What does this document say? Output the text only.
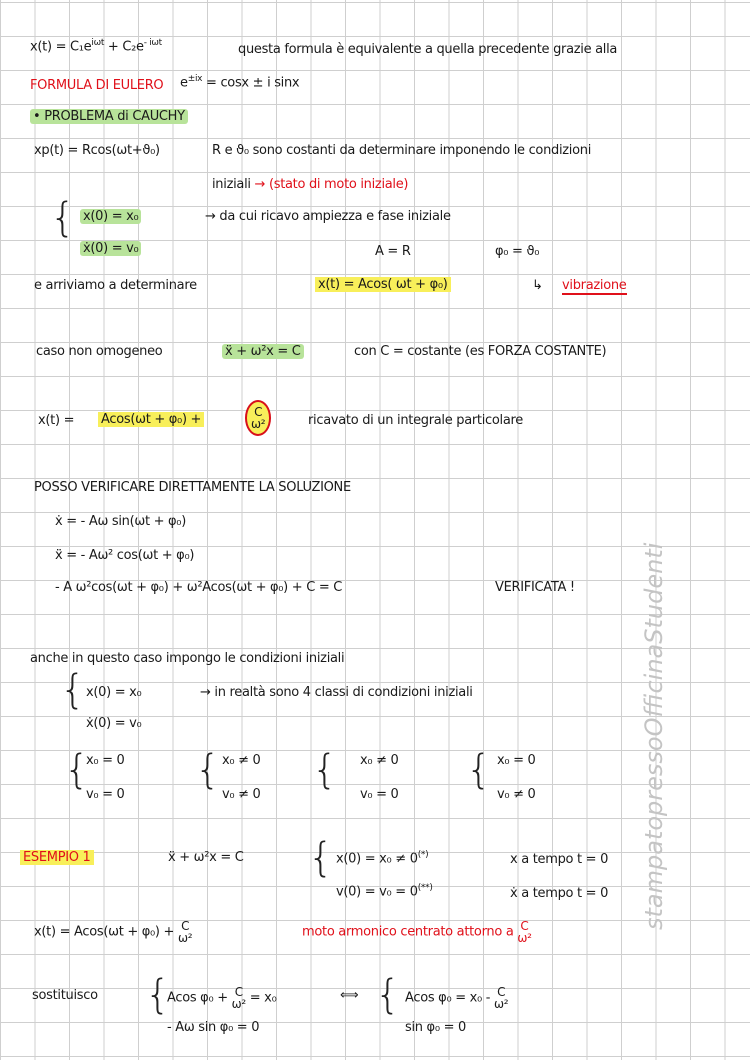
$x(t) = C_1e^{i\omega t} + C_2e^{- i\omega t}$	questa formula è equivalente a quella precedente grazie alla
FORMULA DI EULERO $e^{\pm ix} = \cos x \pm i$ sinx
• PROBLEMA di CAUCHY
xp(t) = Rcos(ωt+ϑ₀)	R e ϑ₀ sono costanti da determinare imponendo le condizioni
iniziali → (stato di moto iniziale)
{ x(0) = x₀
ẋ(0) = v₀
→ da cui ricavo ampiezza e fase iniziale
A = R	φ₀ = ϑ₀
e arriviamo a determinare	x(t) = Acos( ωt + φ₀)	↳ vibrazione
caso non omogeneo	ẍ + ω²x = C	con C = costante (es FORZA COSTANTE)
x(t) = Acos(ωt + φ₀) +	C
ω²	ricavato di un integrale particolare
POSSO VERIFICARE DIRETTAMENTE LA SOLUZIONE
ẋ = - Aω sin(ωt + φ₀)
ẍ = - Aω² cos(ωt + φ₀)
- A ω²cos(ωt + φ₀) + ω²Acos(ωt + φ₀) + C = C	VERIFICATA !
anche in questo caso impongo le condizioni iniziali
{ x(0) = x₀
ẋ(0) = v₀
→ in realtà sono 4 classi di condizioni iniziali
{
x₀ = 0
v₀ = 0
{ x₀ ≠ 0
v₀ ≠ 0
{ x₀ ≠ 0
v₀ = 0
{ x₀ = 0
v₀ ≠ 0
ESEMPIO 1	ẍ + ω²x = C { x(0) = x₀ ≠ 0(*)
v(0) = v₀ = 0(**)
x a tempo t = 0
ẋ a tempo t = 0
x(t) = Acos(ωt + φ₀) + C
ω²	moto armonico centrato attorno a C
ω²
sostituisco {
Acos φ₀ + C
ω² = x₀
- Aω sin φ₀ = 0
⟺ { Acos φ₀ = x₀ - C
ω²
sin φ₀ = 0
stampatopressoOfficinaStudenti
